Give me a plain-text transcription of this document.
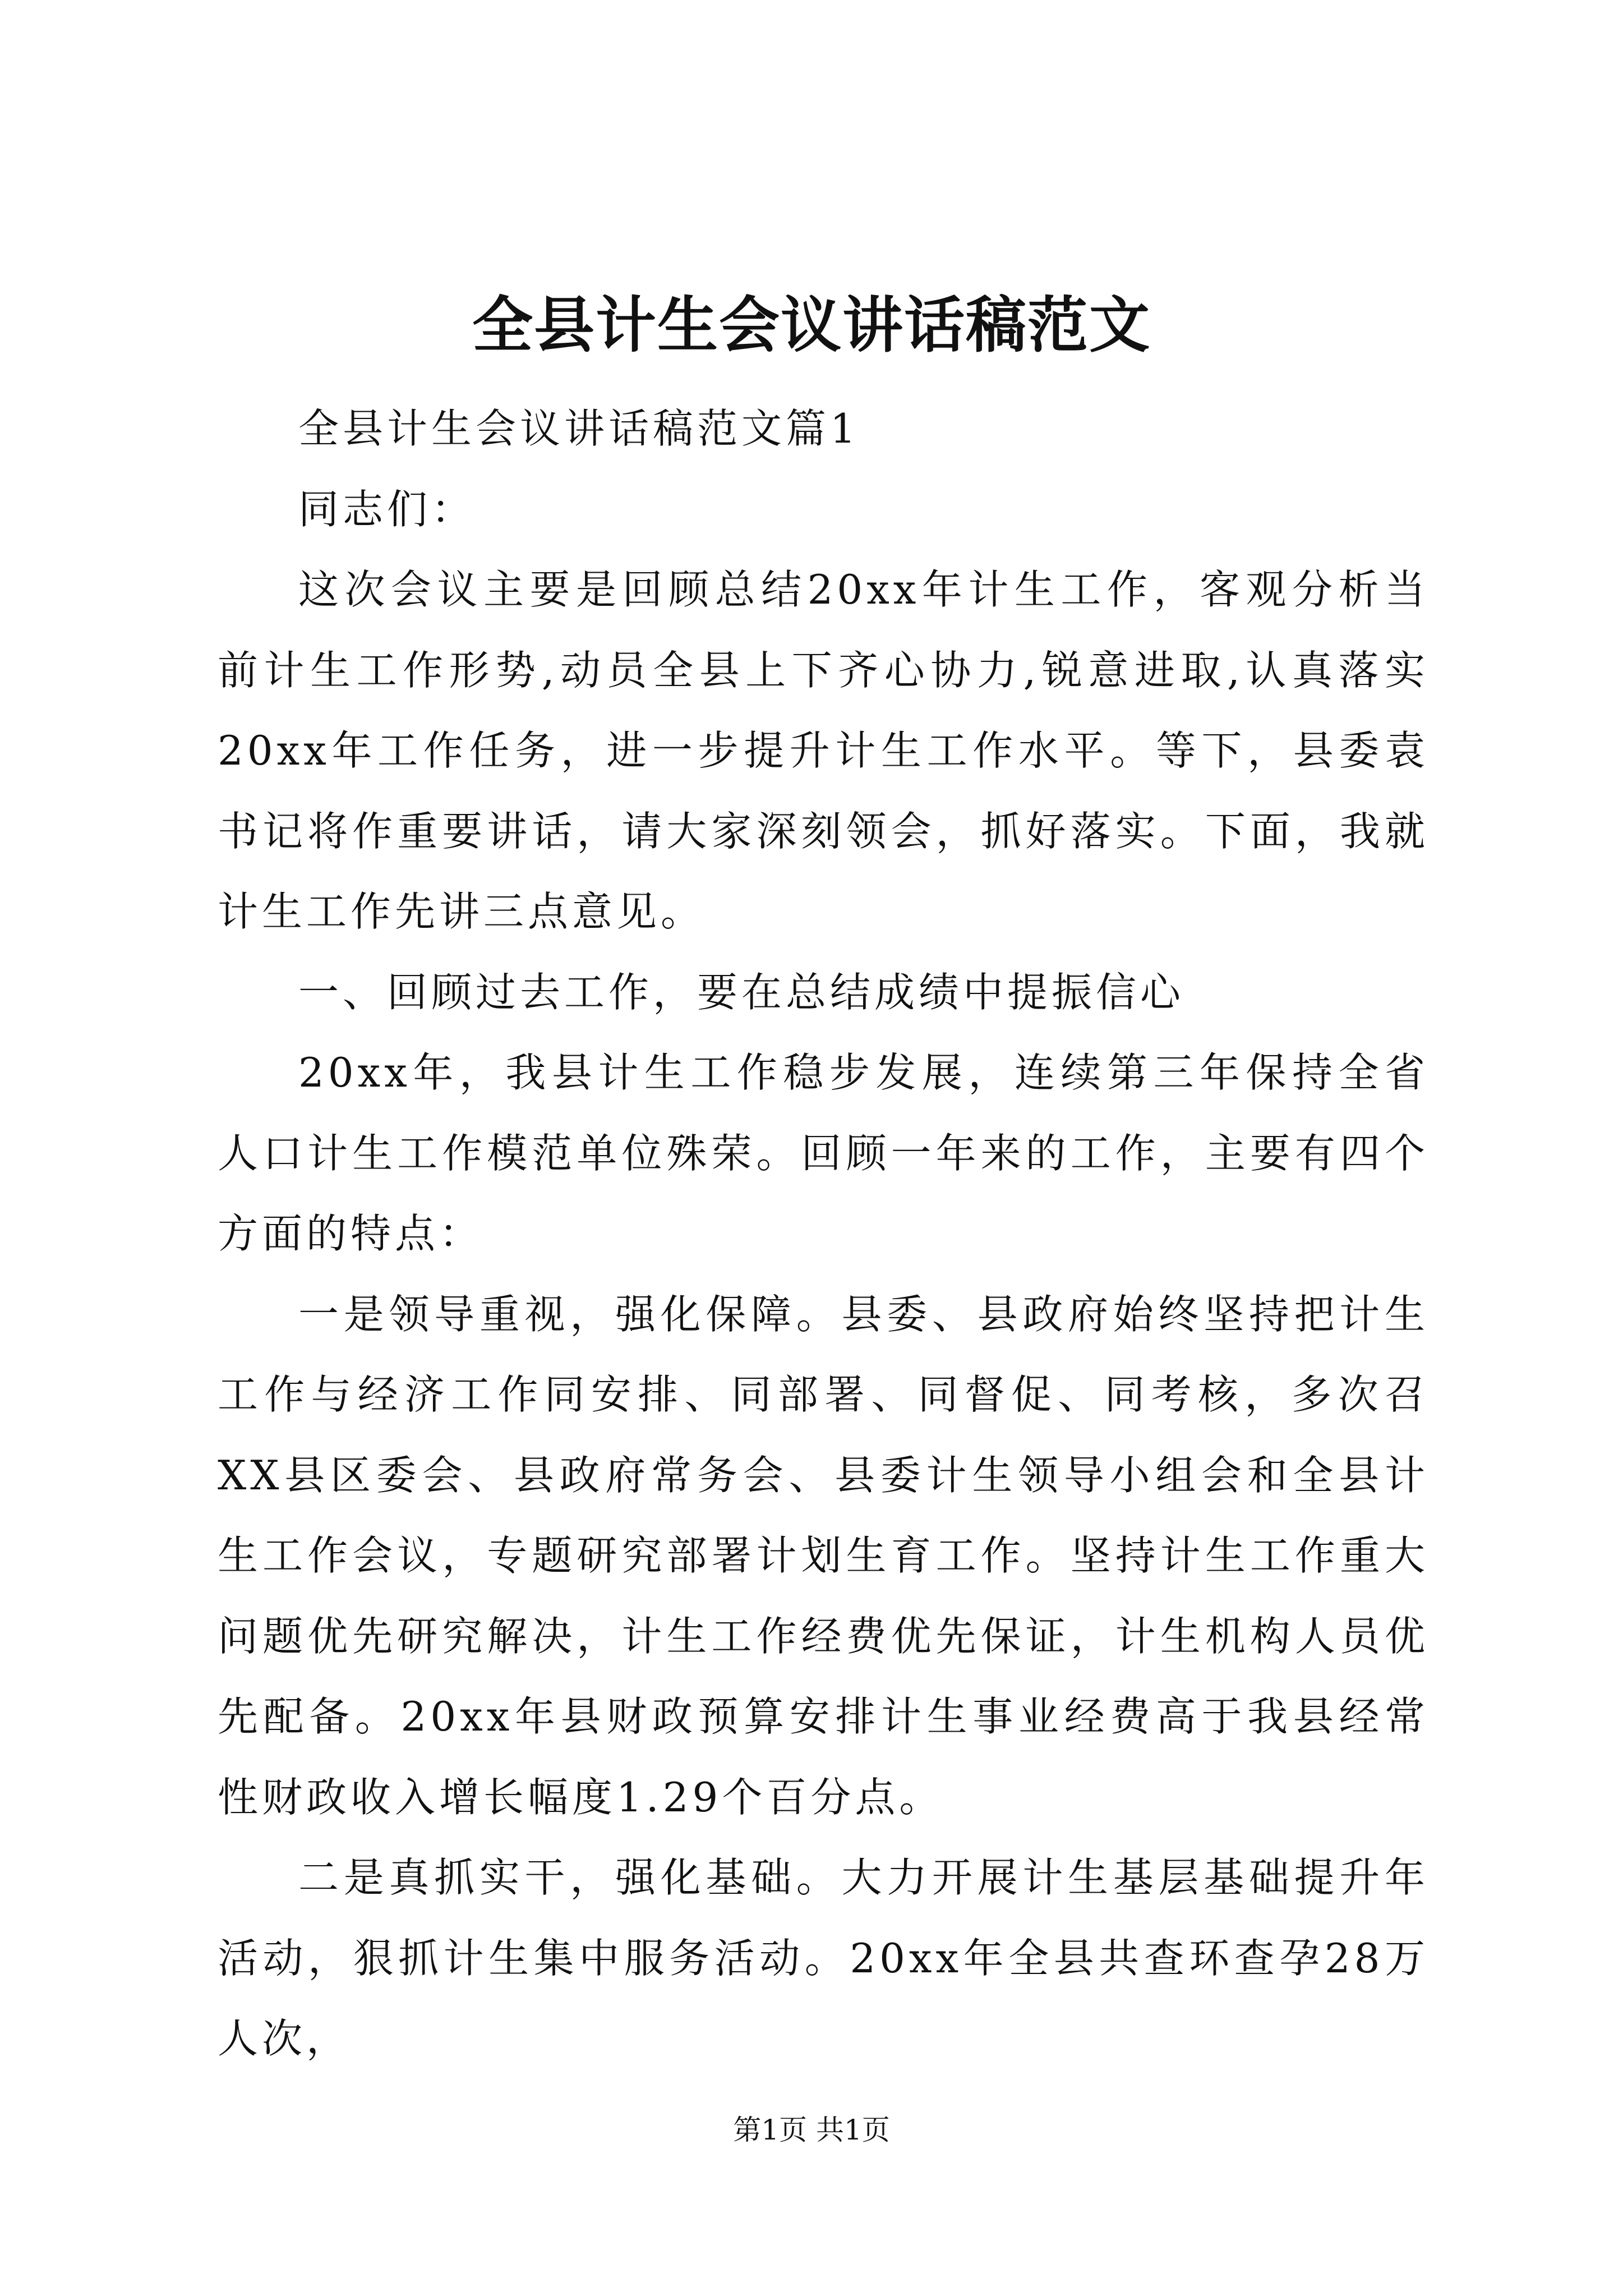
全县计生会议讲话稿范文

全县计生会议讲话稿范文篇1

同志们：

这次会议主要是回顾总结20xx年计生工作，客观分析当前计生工作形势,动员全县上下齐心协力,锐意进取,认真落实20xx年工作任务，进一步提升计生工作水平。等下，县委袁书记将作重要讲话，请大家深刻领会，抓好落实。下面，我就计生工作先讲三点意见。

一、回顾过去工作，要在总结成绩中提振信心

20xx年，我县计生工作稳步发展，连续第三年保持全省人口计生工作模范单位殊荣。回顾一年来的工作，主要有四个方面的特点：

一是领导重视，强化保障。县委、县政府始终坚持把计生工作与经济工作同安排、同部署、同督促、同考核，多次召XX县区委会、县政府常务会、县委计生领导小组会和全县计生工作会议，专题研究部署计划生育工作。坚持计生工作重大问题优先研究解决，计生工作经费优先保证，计生机构人员优先配备。20xx年县财政预算安排计生事业经费高于我县经常性财政收入增长幅度1.29个百分点。

二是真抓实干，强化基础。大力开展计生基层基础提升年活动，狠抓计生集中服务活动。20xx年全县共查环查孕28万人次，

第1页 共1页
